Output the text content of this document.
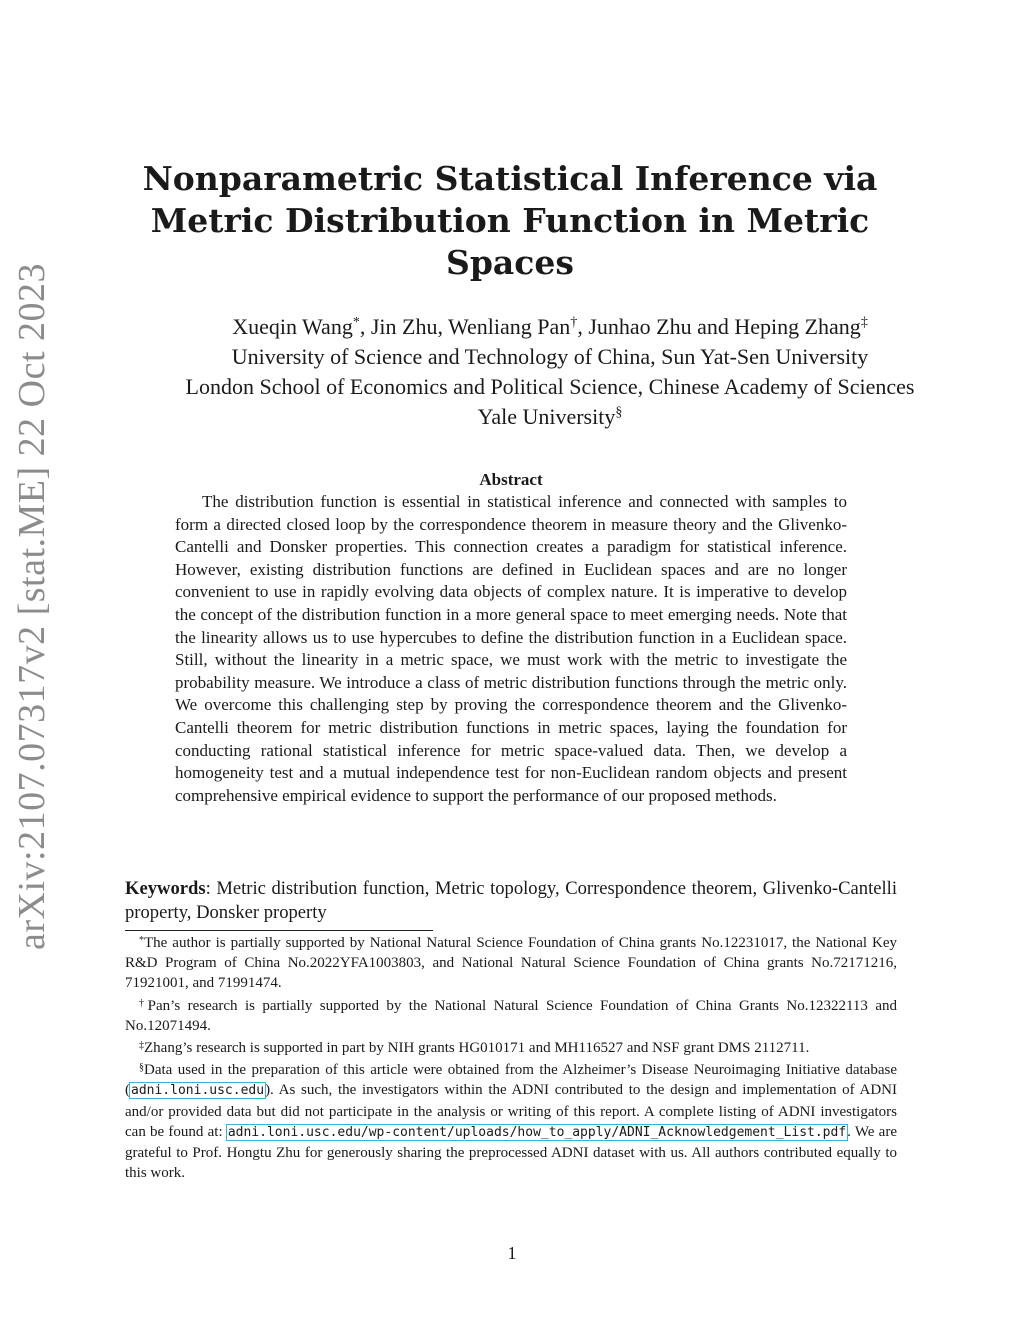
arXiv:2107.07317v2 [stat.ME] 22 Oct 2023
Nonparametric Statistical Inference via
Metric Distribution Function in Metric
Spaces
Xueqin Wang*, Jin Zhu, Wenliang Pan†, Junhao Zhu and Heping Zhang‡
University of Science and Technology of China, Sun Yat-Sen University
London School of Economics and Political Science, Chinese Academy of Sciences
Yale University§
Abstract

The distribution function is essential in statistical inference and connected with samples to form a directed closed loop by the correspondence theorem in measure theory and the Glivenko-Cantelli and Donsker properties. This connection creates a paradigm for statistical inference. However, existing distribution functions are defined in Euclidean spaces and are no longer convenient to use in rapidly evolving data objects of complex nature. It is imperative to develop the concept of the distribution function in a more general space to meet emerging needs. Note that the linearity allows us to use hypercubes to define the distribution function in a Euclidean space. Still, without the linearity in a metric space, we must work with the metric to investigate the probability measure. We introduce a class of metric distribution functions through the metric only. We overcome this challenging step by proving the correspondence theorem and the Glivenko-Cantelli theorem for metric distribution functions in metric spaces, laying the foundation for conducting rational statistical inference for metric space-valued data. Then, we develop a homogeneity test and a mutual independence test for non-Euclidean random objects and present comprehensive empirical evidence to support the performance of our proposed methods.

Keywords: Metric distribution function, Metric topology, Correspondence theorem, Glivenko-Cantelli property, Donsker property

*The author is partially supported by National Natural Science Foundation of China grants No.12231017, the National Key R&D Program of China No.2022YFA1003803, and National Natural Science Foundation of China grants No.72171216, 71921001, and 71991474.

†Pan’s research is partially supported by the National Natural Science Foundation of China Grants No.12322113 and No.12071494.

‡Zhang’s research is supported in part by NIH grants HG010171 and MH116527 and NSF grant DMS 2112711.

§Data used in the preparation of this article were obtained from the Alzheimer’s Disease Neuroimaging Initiative database (adni.loni.usc.edu). As such, the investigators within the ADNI contributed to the design and implementation of ADNI and/or provided data but did not participate in the analysis or writing of this report. A complete listing of ADNI investigators can be found at: adni.loni.usc.edu/wp-content/uploads/how_to_apply/ADNI_Acknowledgement_List.pdf. We are grateful to Prof. Hongtu Zhu for generously sharing the preprocessed ADNI dataset with us. All authors contributed equally to this work.

1
